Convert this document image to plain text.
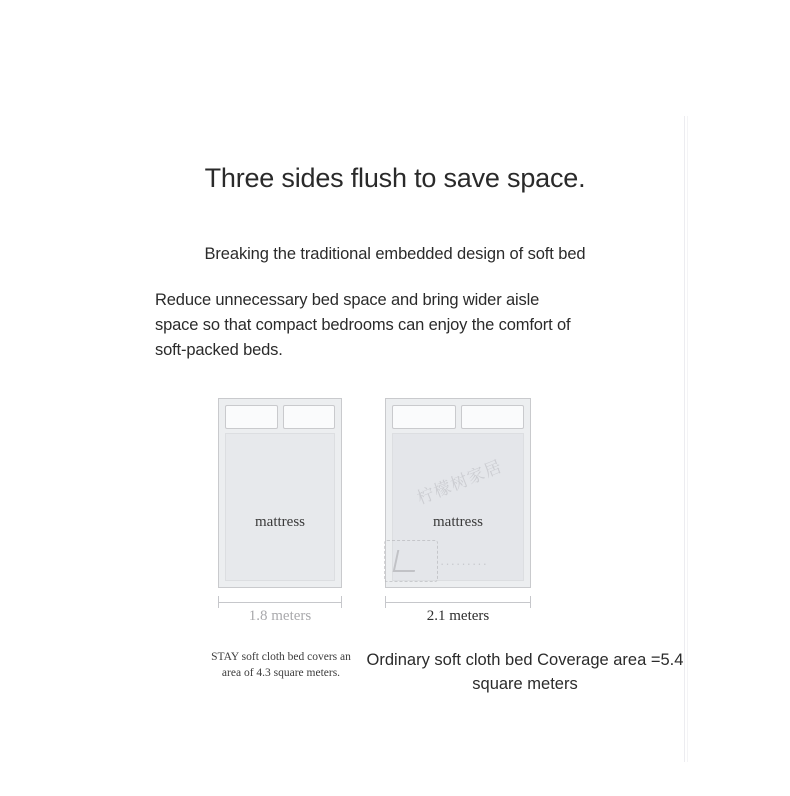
Three sides flush to save space.
Breaking the traditional embedded design of soft bed
Reduce unnecessary bed space and bring wider aisle space so that compact bedrooms can enjoy the comfort of soft-packed beds.
mattress	mattress
柠檬树家居
·········
1.8 meters	2.1 meters
STAY soft cloth bed covers an area of 4.3 square meters.
Ordinary soft cloth bed Coverage area =5.4 square meters
